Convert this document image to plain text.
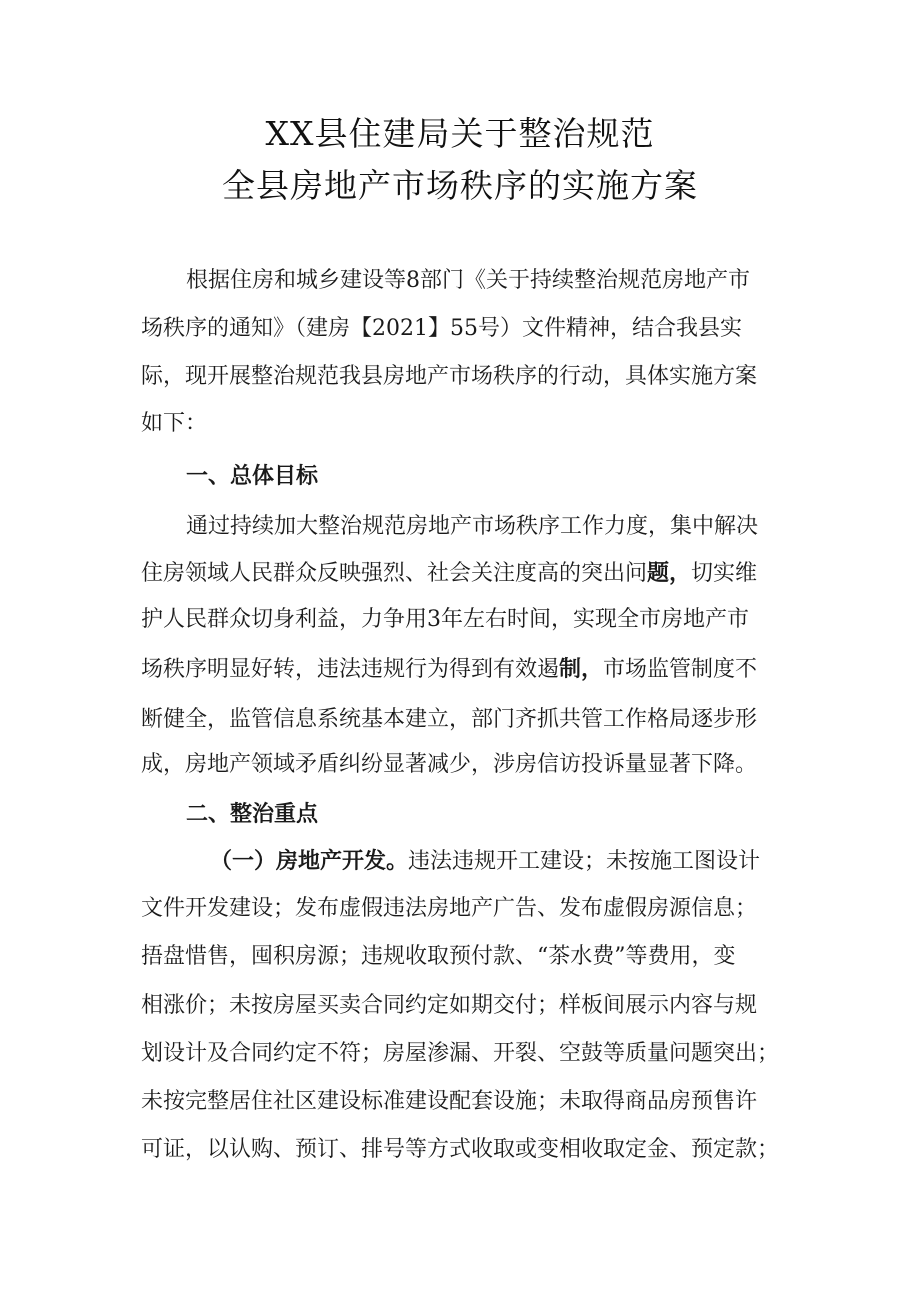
XX县住建局关于整治规范
全县房地产市场秩序的实施方案
根据住房和城乡建设等8部门《关于持续整治规范房地产市
场秩序的通知》（建房【2021】55号）文件精神，结合我县实
际，现开展整治规范我县房地产市场秩序的行动，具体实施方案
如下：
一、总体目标
通过持续加大整治规范房地产市场秩序工作力度，集中解决
住房领域人民群众反映强烈、社会关注度高的突出问题，切实维
护人民群众切身利益，力争用3年左右时间，实现全市房地产市
场秩序明显好转，违法违规行为得到有效遏制，市场监管制度不
断健全，监管信息系统基本建立，部门齐抓共管工作格局逐步形
成，房地产领域矛盾纠纷显著减少，涉房信访投诉量显著下降。
二、整治重点
（一）房地产开发。违法违规开工建设；未按施工图设计
文件开发建设；发布虚假违法房地产广告、发布虚假房源信息；
捂盘惜售，囤积房源；违规收取预付款、“茶水费”等费用，变
相涨价；未按房屋买卖合同约定如期交付；样板间展示内容与规
划设计及合同约定不符；房屋渗漏、开裂、空鼓等质量问题突出；
未按完整居住社区建设标准建设配套设施；未取得商品房预售许
可证，以认购、预订、排号等方式收取或变相收取定金、预定款；
